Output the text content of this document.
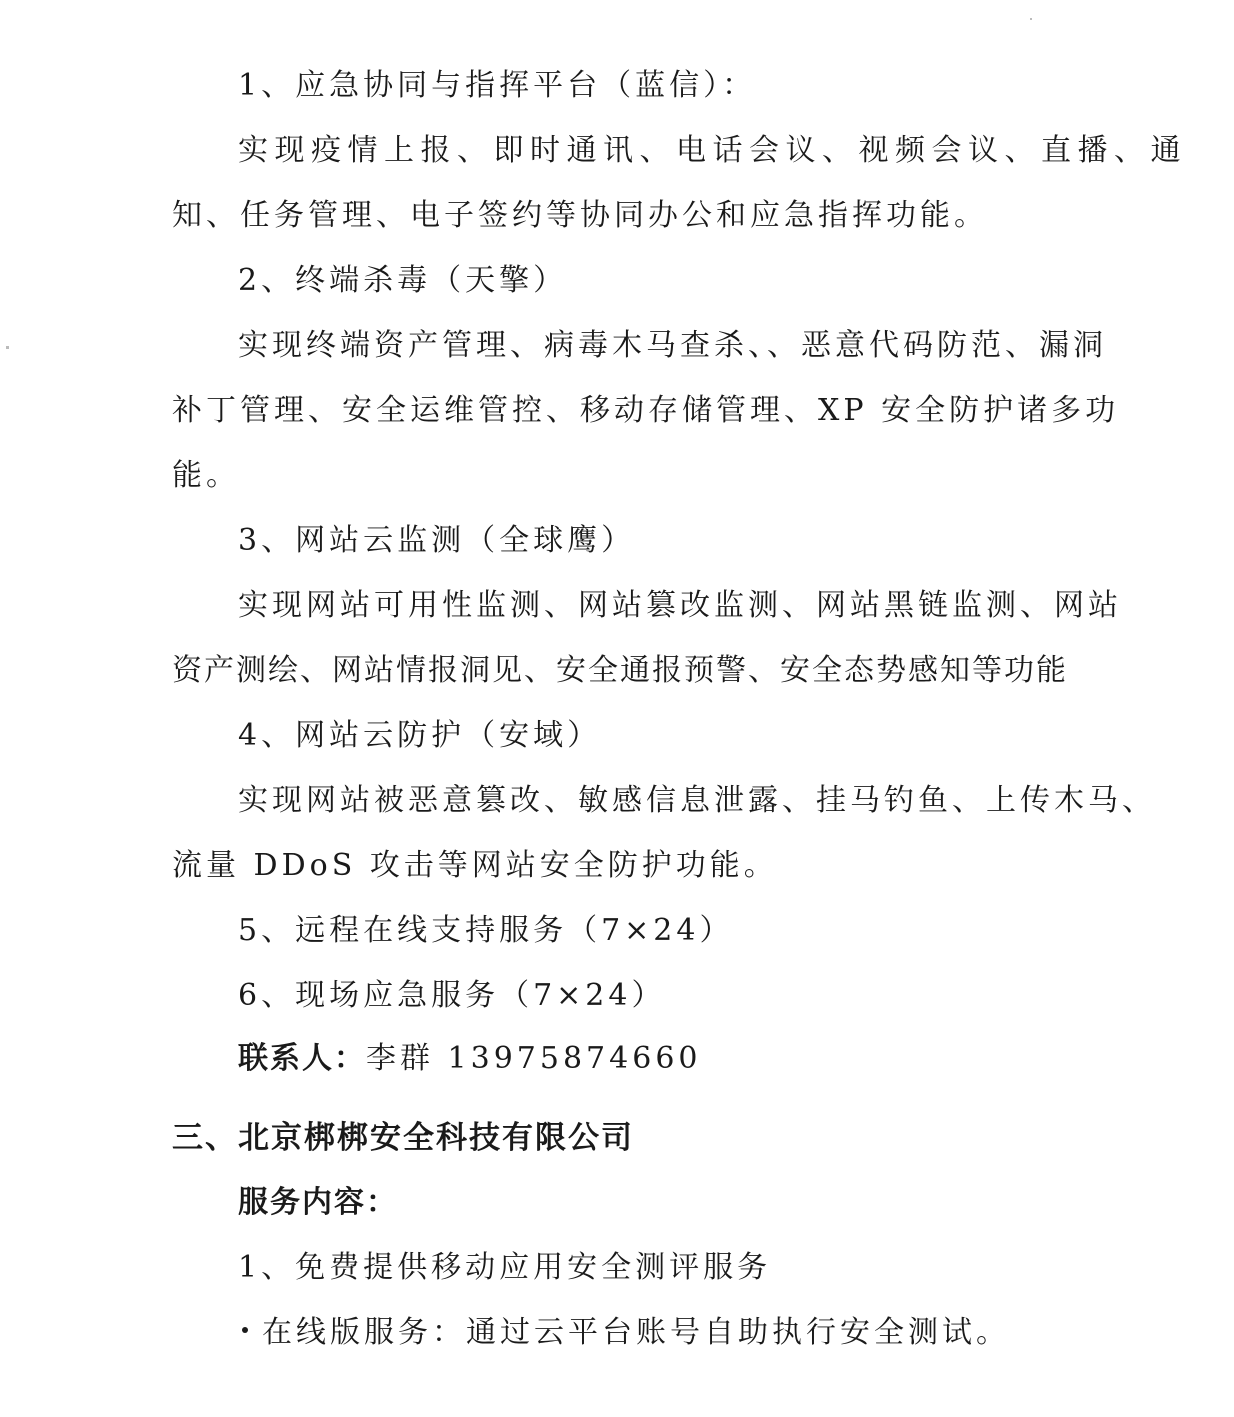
1、应急协同与指挥平台（蓝信）：
实现疫情上报、即时通讯、电话会议、视频会议、直播、通
知、任务管理、电子签约等协同办公和应急指挥功能。
2、终端杀毒（天擎）
实现终端资产管理、病毒木马查杀、、恶意代码防范、漏洞
补丁管理、安全运维管控、移动存储管理、XP 安全防护诸多功
能。
3、网站云监测（全球鹰）
实现网站可用性监测、网站篡改监测、网站黑链监测、网站
资产测绘、网站情报洞见、安全通报预警、安全态势感知等功能
4、网站云防护（安域）
实现网站被恶意篡改、敏感信息泄露、挂马钓鱼、上传木马、
流量 DDoS 攻击等网站安全防护功能。
5、远程在线支持服务（7×24）
6、现场应急服务（7×24）
联系人：李群 13975874660
三、北京梆梆安全科技有限公司
服务内容：
1、免费提供移动应用安全测评服务
在线版服务：通过云平台账号自助执行安全测试。
